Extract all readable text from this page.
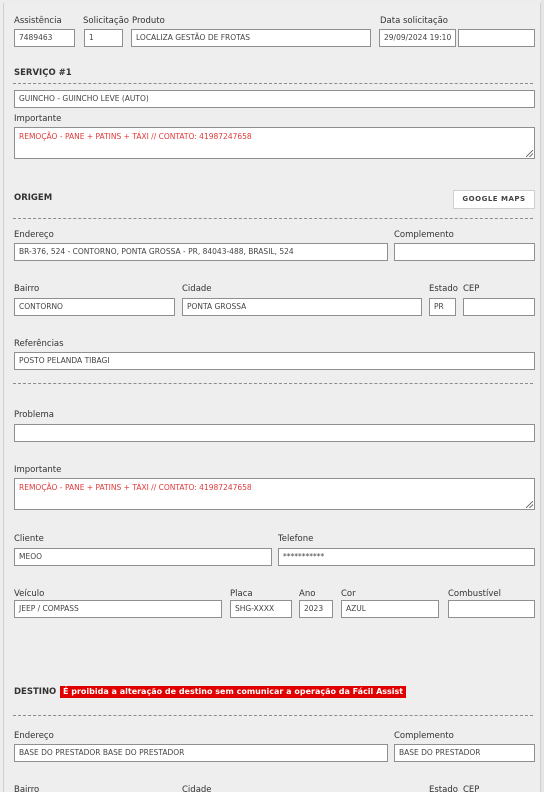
Assistência
7489463
Solicitação
1
Produto
LOCALIZA GESTÃO DE FROTAS
Data solicitação
29/09/2024 19:10
SERVIÇO #1
GUINCHO - GUINCHO LEVE (AUTO)
Importante
REMOÇÃO - PANE + PATINS + TÁXI // CONTATO: 41987247658
ORIGEM	GOOGLE MAPS
Endereço
BR-376, 524 - CONTORNO, PONTA GROSSA - PR, 84043-488, BRASIL, 524
Complemento
Bairro
CONTORNO
Cidade
PONTA GROSSA
Estado
PR
CEP
Referências
POSTO PELANDA TIBAGI
Problema
Importante
REMOÇÃO - PANE + PATINS + TÁXI // CONTATO: 41987247658
Cliente
MEOO
Telefone
***********
Veículo
JEEP / COMPASS
Placa
SHG-XXXX
Ano
2023
Cor
AZUL
Combustível
DESTINO É proibida a alteração de destino sem comunicar a operação da Fácil Assist
Endereço
BASE DO PRESTADOR BASE DO PRESTADOR
Complemento
BASE DO PRESTADOR
Bairro	Cidade	Estado CEP
